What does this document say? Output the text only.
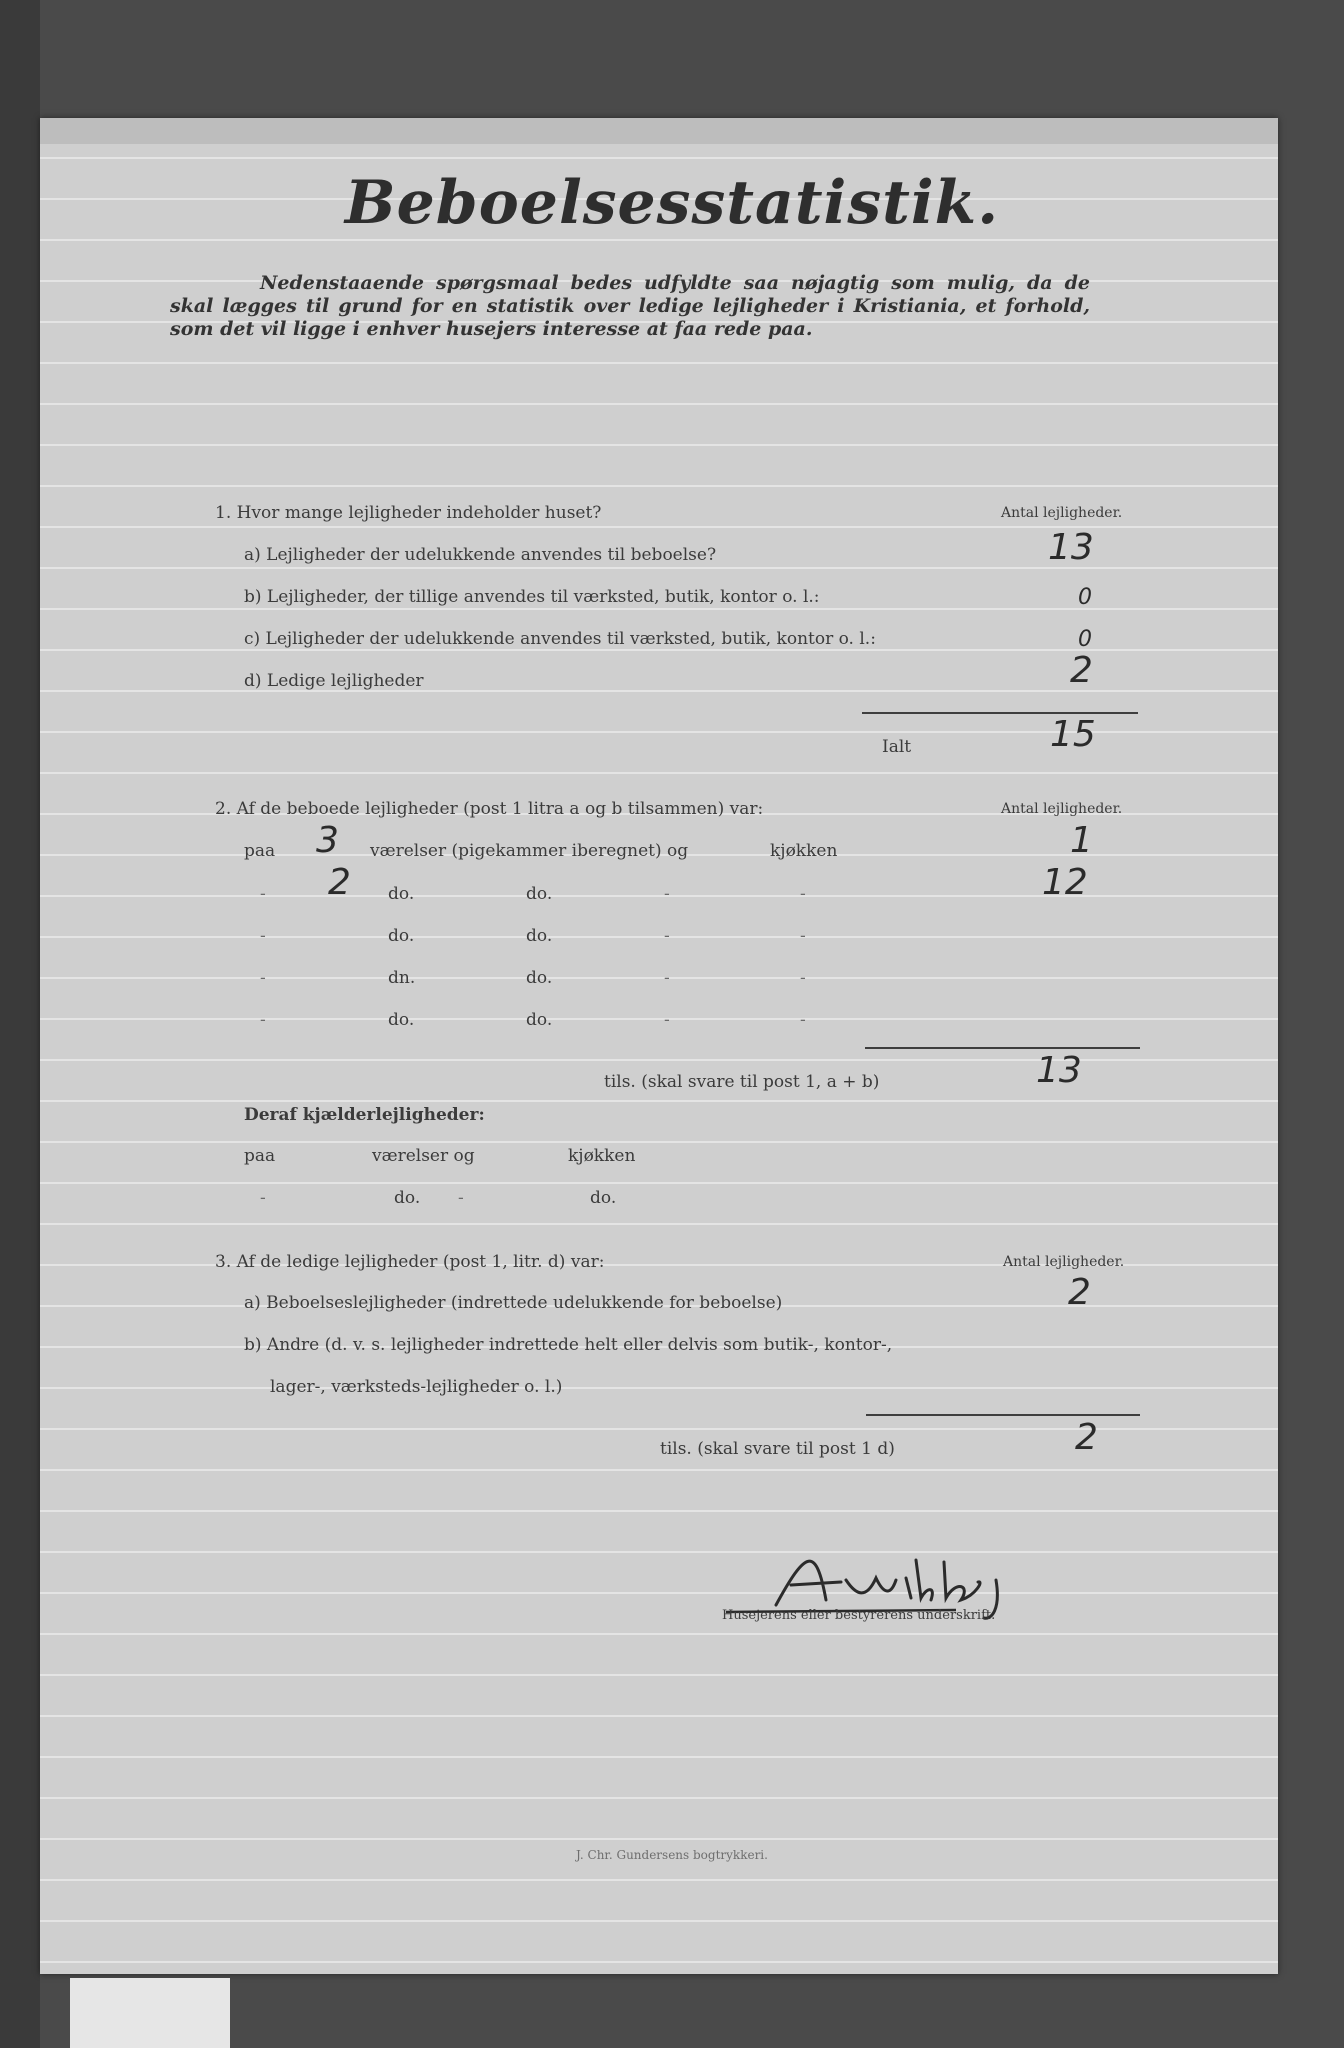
Beboelsesstatistik.
Nedenstaaende spørgsmaal bedes udfyldte saa nøjagtig som mulig, da de skal lægges til grund for en statistik over ledige lejligheder i Kristiania, et forhold, som det vil ligge i enhver husejers interesse at faa rede paa.
1. Hvor mange lejligheder indeholder huset?	Antal lejligheder.
a) Lejligheder der udelukkende anvendes til beboelse?	13
b) Lejligheder, der tillige anvendes til værksted, butik, kontor o. l.:	0
c) Lejligheder der udelukkende anvendes til værksted, butik, kontor o. l.:	0
d) Ledige lejligheder	2
Ialt	15
2. Af de beboede lejligheder (post 1 litra a og b tilsammen) var:	Antal lejligheder.
paa 3 værelser (pigekammer iberegnet) og	kjøkken	1
- 2 do.	do.	-	-	12
-	do.	do.	-	-
-	dn.	do.	-	-
-	do.	do.	-	-
tils. (skal svare til post 1, a + b)	13
Deraf kjælderlejligheder:
paa	værelser og	kjøkken
-	do. -	do.
3. Af de ledige lejligheder (post 1, litr. d) var:	Antal lejligheder.
a) Beboelseslejligheder (indrettede udelukkende for beboelse)	2
b) Andre (d. v. s. lejligheder indrettede helt eller delvis som butik-, kontor-,
lager-, værksteds-lejligheder o. l.)
tils. (skal svare til post 1 d)	2
Husejerens eller bestyrerens underskrift.
J. Chr. Gundersens bogtrykkeri.
